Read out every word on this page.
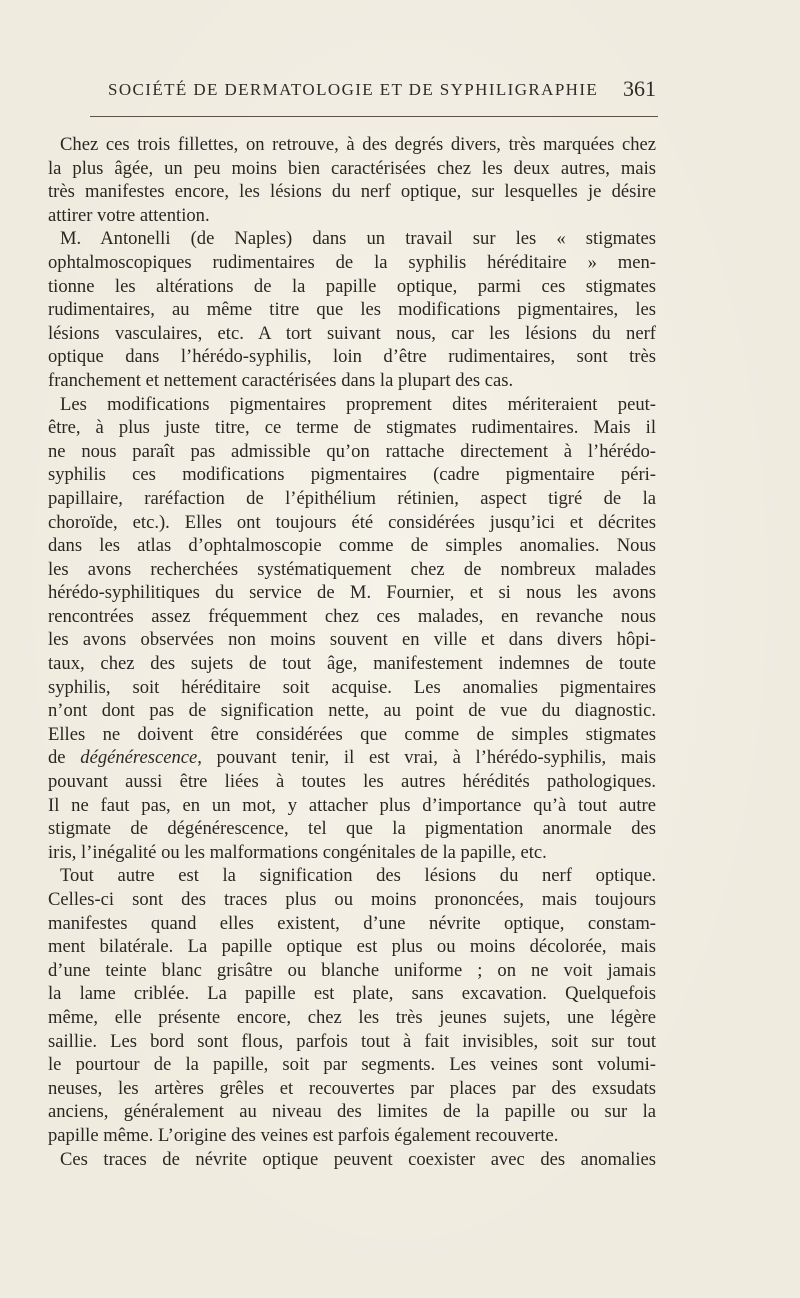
SOCIÉTÉ DE DERMATOLOGIE ET DE SYPHILIGRAPHIE 361
Chez ces trois fillettes, on retrouve, à des degrés divers, très marquées chez
la plus âgée, un peu moins bien caractérisées chez les deux autres, mais
très manifestes encore, les lésions du nerf optique, sur lesquelles je désire
attirer votre attention.
M. Antonelli (de Naples) dans un travail sur les « stigmates
ophtalmoscopiques rudimentaires de la syphilis héréditaire » men-
tionne les altérations de la papille optique, parmi ces stigmates
rudimentaires, au même titre que les modifications pigmentaires, les
lésions vasculaires, etc. A tort suivant nous, car les lésions du nerf
optique dans l’hérédo-syphilis, loin d’être rudimentaires, sont très
franchement et nettement caractérisées dans la plupart des cas.
Les modifications pigmentaires proprement dites mériteraient peut-
être, à plus juste titre, ce terme de stigmates rudimentaires. Mais il
ne nous paraît pas admissible qu’on rattache directement à l’hérédo-
syphilis ces modifications pigmentaires (cadre pigmentaire péri-
papillaire, raréfaction de l’épithélium rétinien, aspect tigré de la
choroïde, etc.). Elles ont toujours été considérées jusqu’ici et décrites
dans les atlas d’ophtalmoscopie comme de simples anomalies. Nous
les avons recherchées systématiquement chez de nombreux malades
hérédo-syphilitiques du service de M. Fournier, et si nous les avons
rencontrées assez fréquemment chez ces malades, en revanche nous
les avons observées non moins souvent en ville et dans divers hôpi-
taux, chez des sujets de tout âge, manifestement indemnes de toute
syphilis, soit héréditaire soit acquise. Les anomalies pigmentaires
n’ont dont pas de signification nette, au point de vue du diagnostic.
Elles ne doivent être considérées que comme de simples stigmates
de dégénérescence, pouvant tenir, il est vrai, à l’hérédo-syphilis, mais
pouvant aussi être liées à toutes les autres hérédités pathologiques.
Il ne faut pas, en un mot, y attacher plus d’importance qu’à tout autre
stigmate de dégénérescence, tel que la pigmentation anormale des
iris, l’inégalité ou les malformations congénitales de la papille, etc.
Tout autre est la signification des lésions du nerf optique.
Celles-ci sont des traces plus ou moins prononcées, mais toujours
manifestes quand elles existent, d’une névrite optique, constam-
ment bilatérale. La papille optique est plus ou moins décolorée, mais
d’une teinte blanc grisâtre ou blanche uniforme ; on ne voit jamais
la lame criblée. La papille est plate, sans excavation. Quelquefois
même, elle présente encore, chez les très jeunes sujets, une légère
saillie. Les bord sont flous, parfois tout à fait invisibles, soit sur tout
le pourtour de la papille, soit par segments. Les veines sont volumi-
neuses, les artères grêles et recouvertes par places par des exsudats
anciens, généralement au niveau des limites de la papille ou sur la
papille même. L’origine des veines est parfois également recouverte.
Ces traces de névrite optique peuvent coexister avec des anomalies
